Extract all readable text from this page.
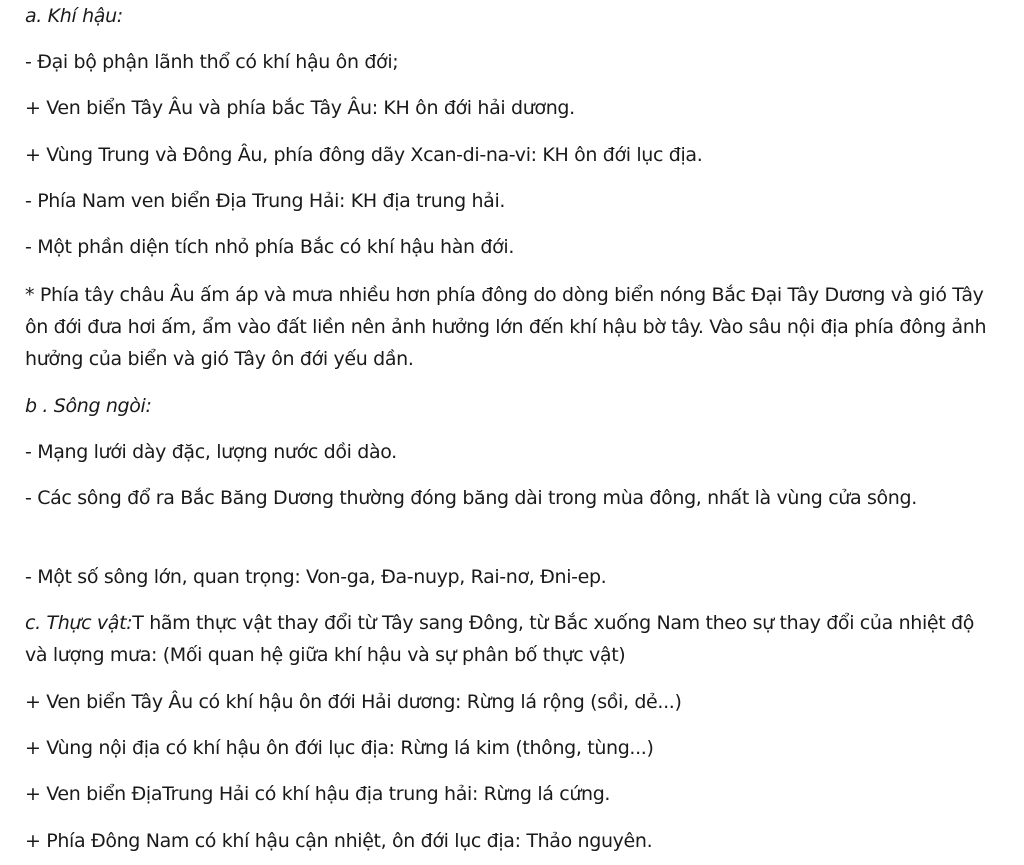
a. Khí hậu:
- Đại bộ phận lãnh thổ có khí hậu ôn đới;
+ Ven biển Tây Âu và phía bắc Tây Âu: KH ôn đới hải dương.
+ Vùng Trung và Đông Âu, phía đông dãy Xcan-di-na-vi: KH ôn đới lục địa.
- Phía Nam ven biển Địa Trung Hải: KH địa trung hải.
- Một phần diện tích nhỏ phía Bắc có khí hậu hàn đới.
* Phía tây châu Âu ấm áp và mưa nhiều hơn phía đông do dòng biển nóng Bắc Đại Tây Dương và gió Tây ôn đới đưa hơi ấm, ẩm vào đất liền nên ảnh hưởng lớn đến khí hậu bờ tây. Vào sâu nội địa phía đông ảnh hưởng của biển và gió Tây ôn đới yếu dần.
b . Sông ngòi:
- Mạng lưới dày đặc, lượng nước dồi dào.
- Các sông đổ ra Bắc Băng Dương thường đóng băng dài trong mùa đông, nhất là vùng cửa sông.
- Một số sông lớn, quan trọng: Von-ga, Đa-nuyp, Rai-nơ, Đni-ep.
c. Thực vật:T hãm thực vật thay đổi từ Tây sang Đông, từ Bắc xuống Nam theo sự thay đổi của nhiệt độ và lượng mưa: (Mối quan hệ giữa khí hậu và sự phân bố thực vật)
+ Ven biển Tây Âu có khí hậu ôn đới Hải dương: Rừng lá rộng (sồi, dẻ...)
+ Vùng nội địa có khí hậu ôn đới lục địa: Rừng lá kim (thông, tùng...)
+ Ven biển ĐịaTrung Hải có khí hậu địa trung hải: Rừng lá cứng.
+ Phía Đông Nam có khí hậu cận nhiệt, ôn đới lục địa: Thảo nguyên.
